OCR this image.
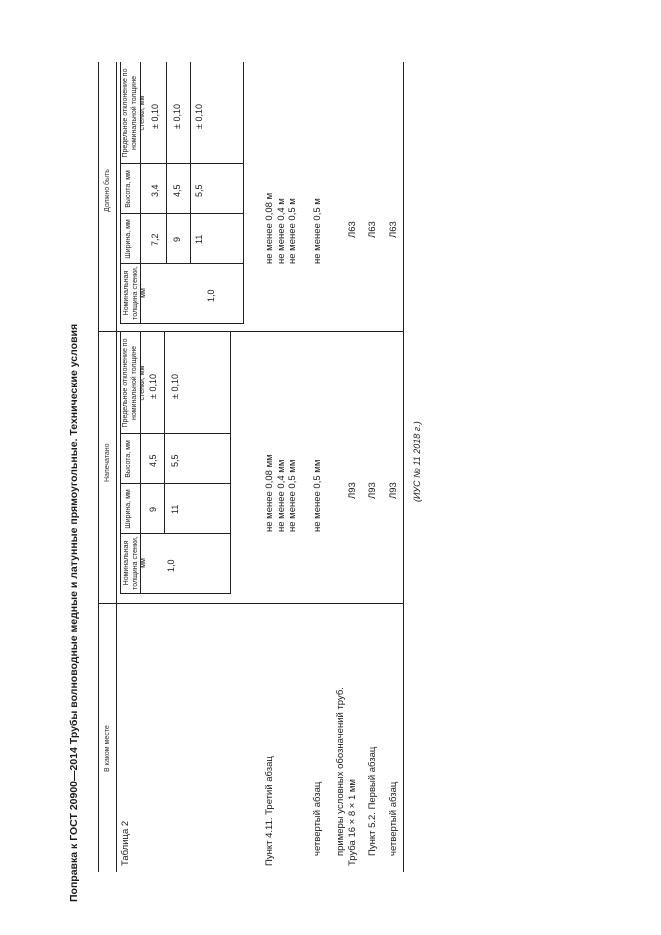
Поправка к ГОСТ 20900—2014 Трубы волноводные медные и латунные прямоугольные. Технические условия	В каком месте
Напечатано
Должно быть
Таблица 2
Номинальная толщина стенки, мм
Ширина, мм
Высота, мм
Предельное отклонение по номинальной толщине стенки, мм
1,0
9
4,5
± 0,10
11
5,5
± 0,10
Номинальная толщина стенки, мм
Ширина, мм
Высота, мм
Предельное отклонение по номинальной толщине стенки, мм
1,0
7,2
3,4
± 0,10
9
4,5
± 0,10
11
5,5
± 0,10
Пункт 4.11. Третий абзац
не менее 0,08 мм не менее 0,4 мм не менее 0,5 мм
не менее 0,08 м не менее 0,4 м не менее 0,5 м
четвертый абзац
не менее 0,5 мм
не менее 0,5 м
примеры условных обозначений труб. Труба 16 × 8 × 1 мм
Л93
Л63
Пункт 5.2. Первый абзац
Л93
Л63
четвертый абзац
Л93
Л63
(ИУС № 11 2018 г.)
